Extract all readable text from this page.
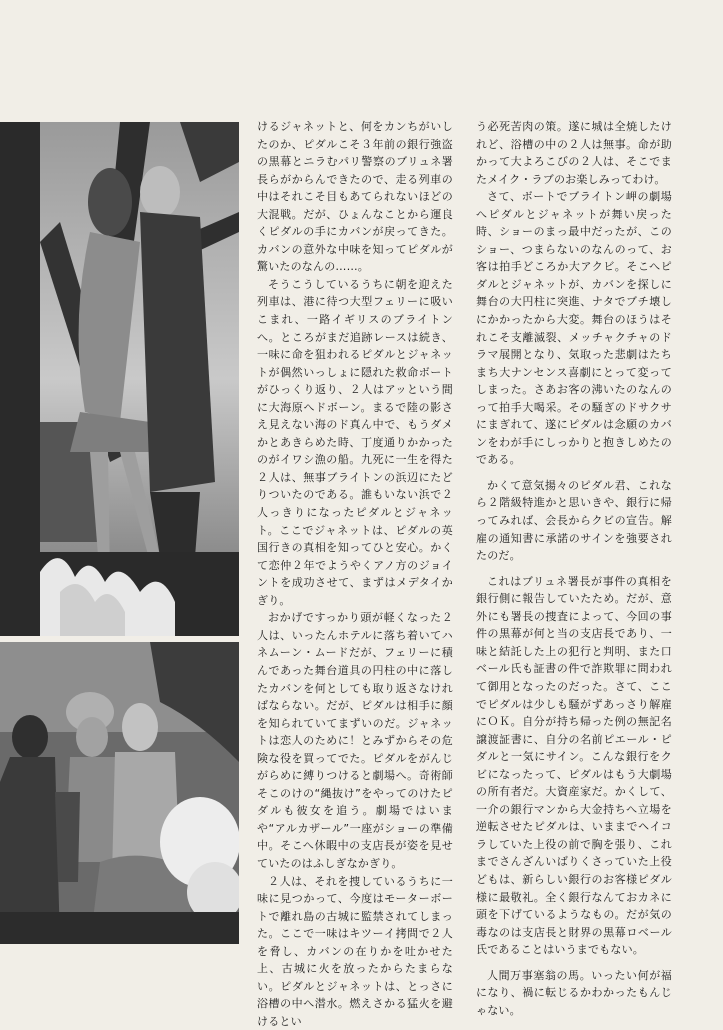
けるジャネットと、何をカンちがいしたのか、ピダルこそ３年前の銀行強盗の黒幕とニラむパリ警察のブリュネ署長らがからんできたので、走る列車の中はそれこそ目もあてられないほどの大混戦。だが、ひょんなことから運良くピダルの手にカバンが戻ってきた。カバンの意外な中味を知ってピダルが驚いたのなんの……。

そうこうしているうちに朝を迎えた列車は、港に待つ大型フェリーに吸いこまれ、一路イギリスのブライトンへ。ところがまだ追跡レースは続き、一味に命を狙われるピダルとジャネットが偶然いっしょに隠れた救命ボートがひっくり返り、２人はアッという間に大海原へドボーン。まるで陸の影さえ見えない海のド真ん中で、もうダメかとあきらめた時、丁度通りかかったのがイワシ漁の船。九死に一生を得た２人は、無事ブライトンの浜辺にたどりついたのである。誰もいない浜で２人っきりになったピダルとジャネット。ここでジャネットは、ピダルの英国行きの真相を知ってひと安心。かくて恋仲２年でようやくアノ方のジョイントを成功させて、まずはメデタイかぎり。

おかげですっかり頭が軽くなった２人は、いったんホテルに落ち着いてハネムーン・ムードだが、フェリーに積んであった舞台道具の円柱の中に落したカバンを何としても取り返さなければならない。だが、ピダルは相手に顔を知られていてまずいのだ。ジャネットは恋人のために！とみずからその危険な役を買ってでた。ピダルをがんじがらめに縛りつけると劇場へ。奇術師そこのけの“縄抜け”をやってのけたピダルも彼女を追う。劇場ではいまや“アルカザール”一座がショーの準備中。そこへ休暇中の支店長が姿を見せていたのはふしぎなかぎり。

２人は、それを捜しているうちに一味に見つかって、今度はモーターボートで離れ島の古城に監禁されてしまった。ここで一味はキツーイ拷問で２人を脅し、カバンの在りかを吐かせた上、古城に火を放ったからたまらない。ピダルとジャネットは、とっさに浴槽の中へ潜水。燃えさかる猛火を避けるとい

う必死苦肉の策。遂に城は全焼したけれど、浴槽の中の２人は無事。命が助かって大よろこびの２人は、そこでまたメイク・ラブのお楽しみってわけ。

さて、ボートでブライトン岬の劇場へピダルとジャネットが舞い戻った時、ショーのまっ最中だったが、このショー、つまらないのなんのって、お客は拍手どころか大アクビ。そこへピダルとジャネットが、カバンを探しに舞台の大円柱に突進、ナタでブチ壊しにかかったから大変。舞台のほうはそれこそ支離滅裂、メッチャクチャのドラマ展開となり、気取った悲劇はたちまち大ナンセンス喜劇にとって変ってしまった。さあお客の沸いたのなんのって拍手大喝采。その騒ぎのドサクサにまぎれて、遂にピダルは念願のカバンをわが手にしっかりと抱きしめたのである。

かくて意気揚々のピダル君、これなら２階級特進かと思いきや、銀行に帰ってみれば、会長からクビの宣告。解雇の通知書に承諾のサインを強要されたのだ。

これはブリュネ署長が事件の真相を銀行側に報告していたため。だが、意外にも署長の捜査によって、今回の事件の黒幕が何と当の支店長であり、一味と結託した上の犯行と判明、また口ベール氏も証書の件で詐欺罪に問われて御用となったのだった。さて、ここでピダルは少しも騒がずあっさり解雇にＯＫ。自分が持ち帰った例の無記名譲渡証書に、自分の名前ピエール・ピダルと一気にサイン。こんな銀行をクビになったって、ピダルはもう大劇場の所有者だ。大資産家だ。かくして、一介の銀行マンから大金持ちへ立場を逆転させたピダルは、いままでヘイコラしていた上役の前で胸を張り、これまでさんざんいばりくさっていた上役どもは、新らしい銀行のお客様ピダル様に最敬礼。全く銀行なんておカネに頭を下げているようなもの。だが気の毒なのは支店長と財界の黒幕ロベール氏であることはいうまでもない。

人間万事塞翁の馬。いったい何が福になり、禍に転じるかわかったもんじゃない。
